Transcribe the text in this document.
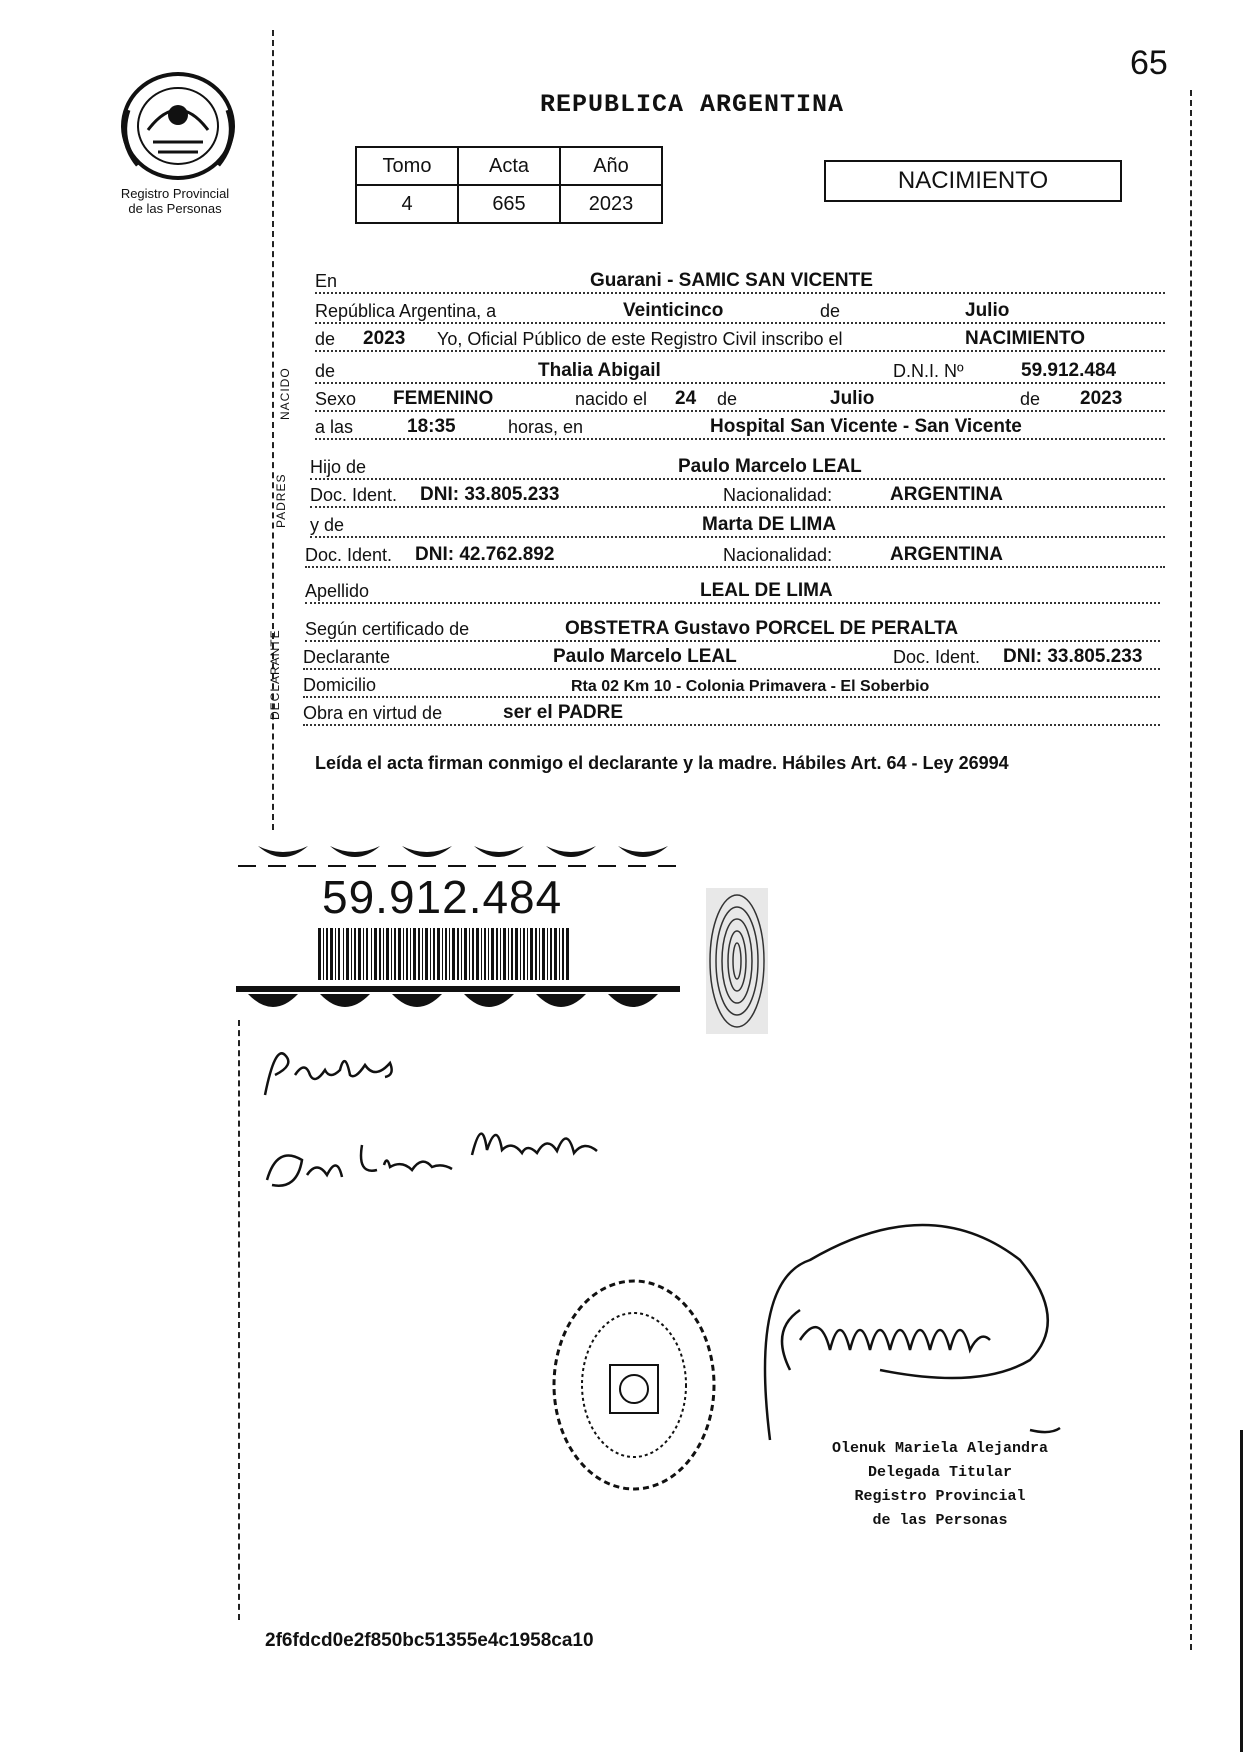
65
Registro Provincial
de las Personas
REPUBLICA ARGENTINA
Tomo	Acta	Año
4	665	2023
NACIMIENTO
NACIDO
PADRES
DECLARANTE
En	Guarani - SAMIC SAN VICENTE
República Argentina, a	Veinticinco	de	Julio
de 2023 Yo, Oficial Público de este Registro Civil inscribo el	NACIMIENTO
de	Thalia Abigail	D.N.I. Nº	59.912.484
Sexo FEMENINO	nacido el 24 de	Julio	de 2023
a las	18:35	horas, en	Hospital San Vicente - San Vicente
Hijo de	Paulo Marcelo LEAL
Doc. Ident. DNI: 33.805.233	Nacionalidad:	ARGENTINA
y de	Marta DE LIMA
Doc. Ident. DNI: 42.762.892	Nacionalidad:	ARGENTINA
Apellido	LEAL DE LIMA
Según certificado de	OBSTETRA Gustavo PORCEL DE PERALTA
Declarante	Paulo Marcelo LEAL	Doc. Ident. DNI: 33.805.233
Domicilio	Rta 02 Km 10 - Colonia Primavera - El Soberbio
Obra en virtud de	ser el PADRE
Leída el acta firman conmigo el declarante y la madre. Hábiles Art. 64 - Ley 26994
59.912.484
Olenuk Mariela Alejandra
Delegada Titular
Registro Provincial
de las Personas
2f6fdcd0e2f850bc51355e4c1958ca10
